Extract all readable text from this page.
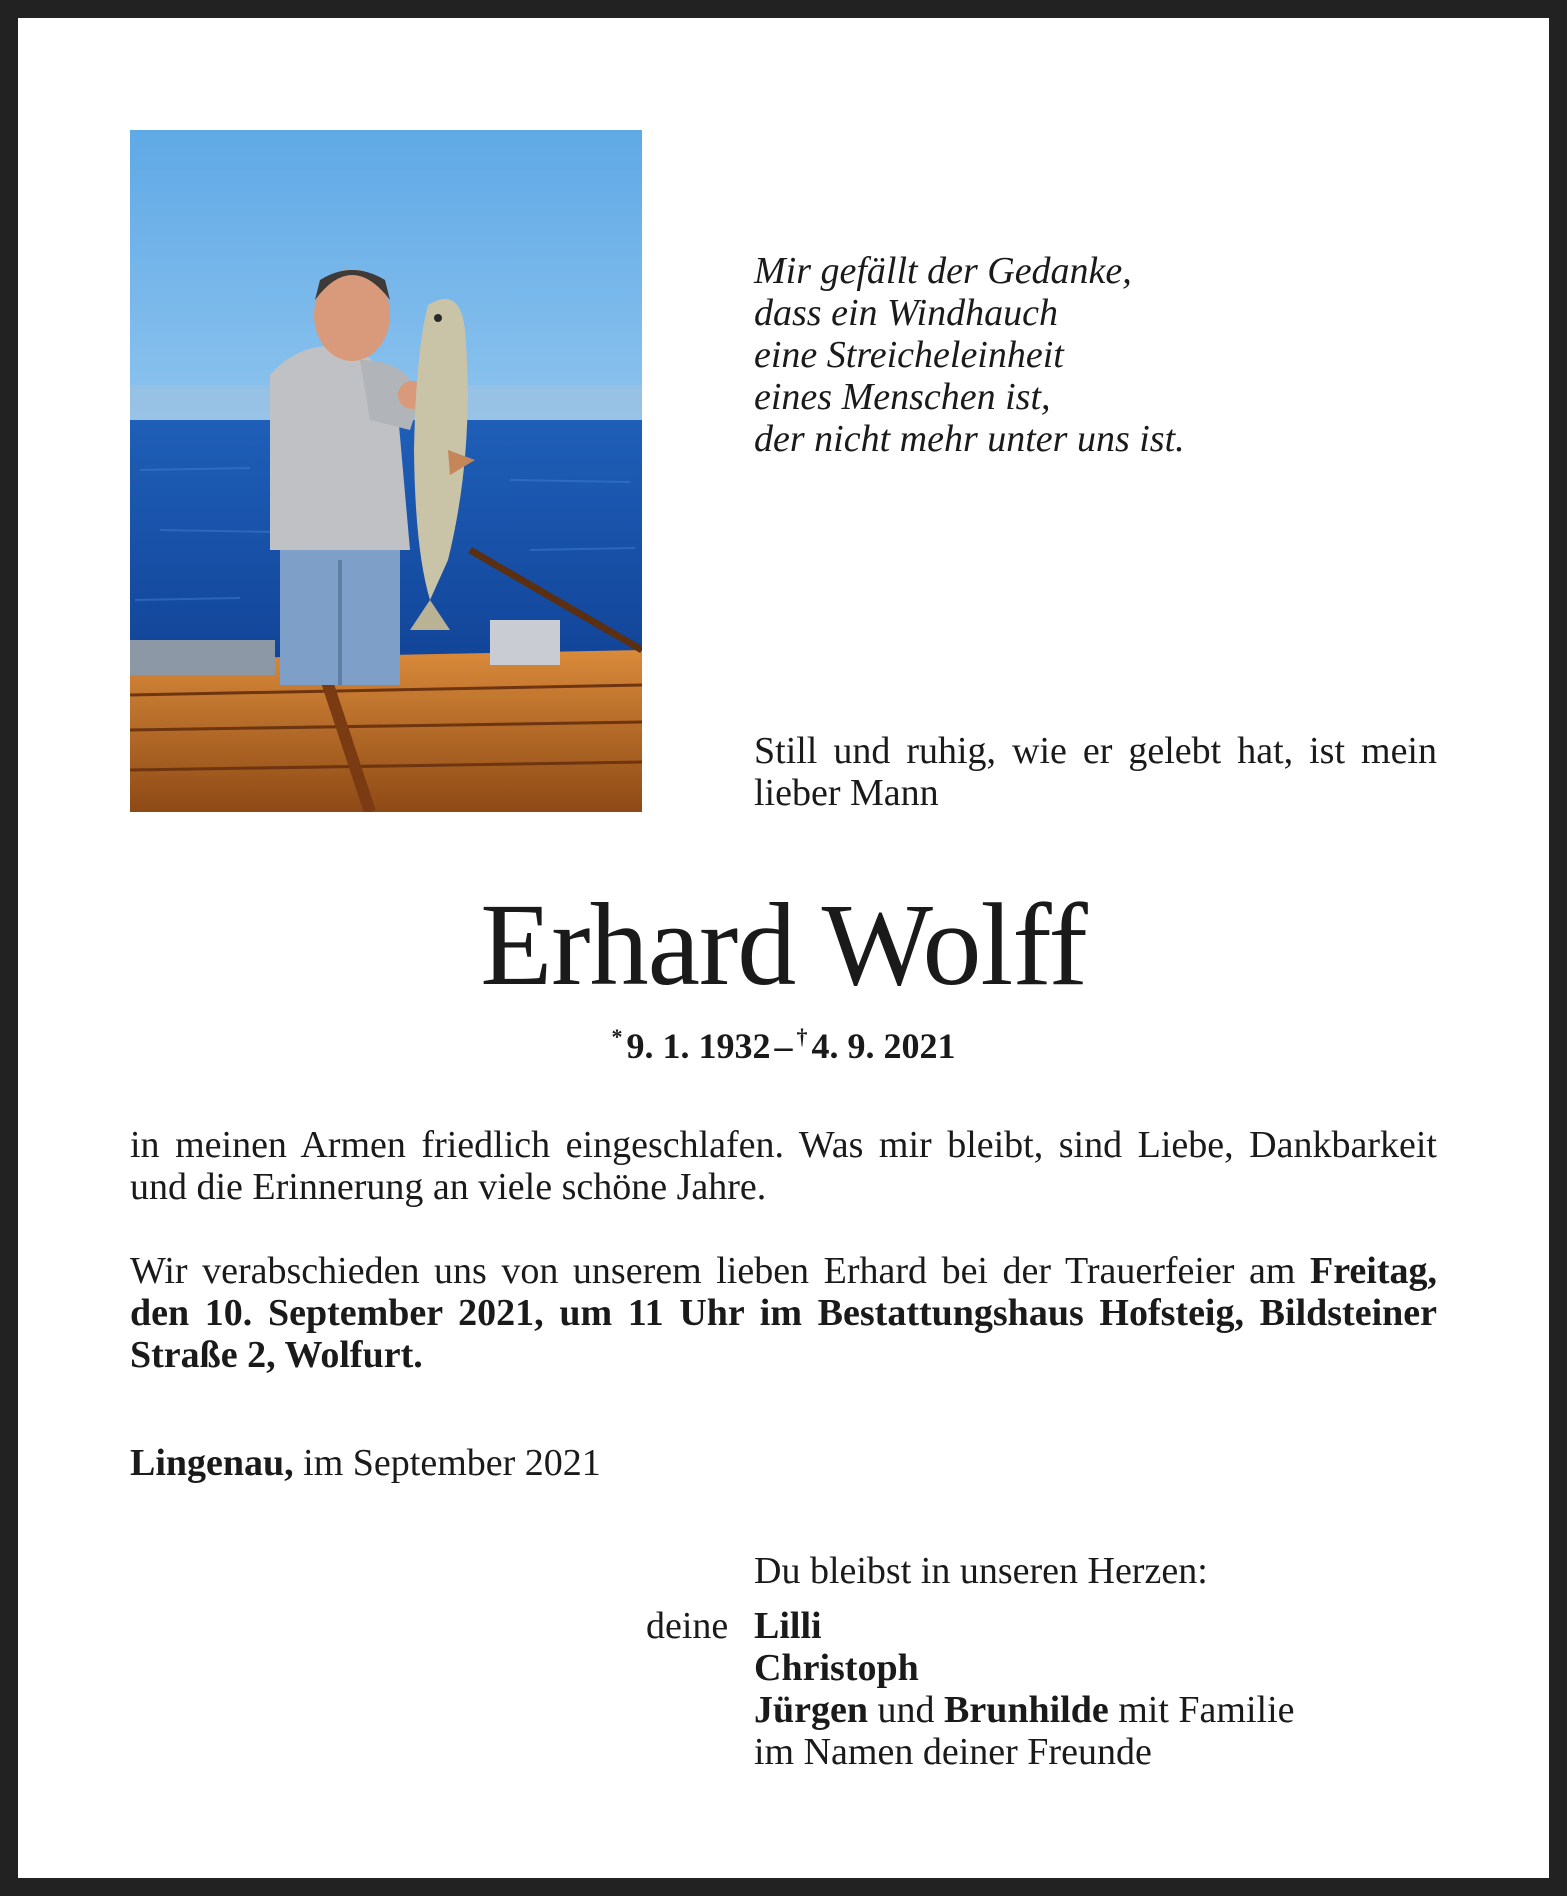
Mir gefällt der Gedanke,
dass ein Windhauch
eine Streicheleinheit
eines Menschen ist,
der nicht mehr unter uns ist.
Still und ruhig, wie er gelebt hat, ist mein lieber Mann
Erhard Wolff
* 9. 1. 1932 – † 4. 9. 2021
in meinen Armen friedlich eingeschlafen. Was mir bleibt, sind Liebe, Dankbarkeit und die Erinnerung an viele schöne Jahre.
Wir verabschieden uns von unserem lieben Erhard bei der Trauerfeier am Freitag, den 10. September 2021, um 11 Uhr im Bestattungshaus Hofsteig, Bildsteiner Straße 2, Wolfurt.
Lingenau, im September 2021
Du bleibst in unseren Herzen:
deine Lilli
Christoph
Jürgen und Brunhilde mit Familie
im Namen deiner Freunde
